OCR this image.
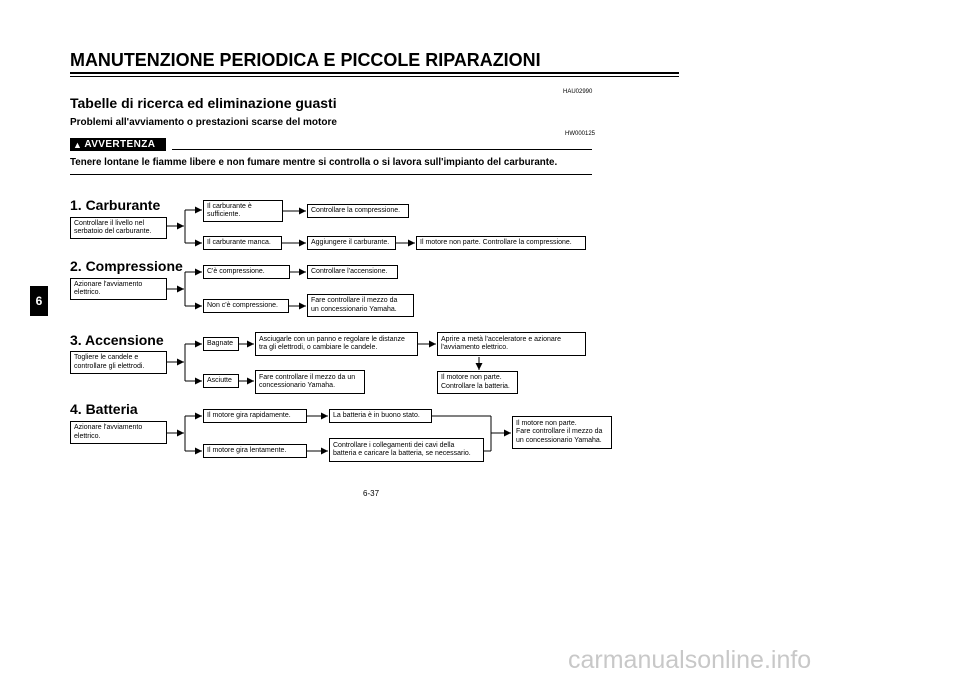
MANUTENZIONE PERIODICA E PICCOLE RIPARAZIONI
HAU02990
Tabelle di ricerca ed eliminazione guasti
Problemi all'avviamento o prestazioni scarse del motore
HW000125
▲ AVVERTENZA
Tenere lontane le fiamme libere e non fumare mentre si controlla o si lavora sull'impianto del carburante.
1. Carburante
Controllare il livello nel
serbatoio del carburante.
Il carburante è
sufficiente.
Controllare la compressione.
Il carburante manca.	Aggiungere il carburante.	Il motore non parte. Controllare la compressione.
2. Compressione
Azionare l'avviamento
elettrico.
C'è compressione.	Controllare l'accensione.
Non c'è compressione.
Fare controllare il mezzo da
un concessionario Yamaha.
3. Accensione
Togliere le candele e
controllare gli elettrodi.
Bagnate
Asciugarle con un panno e regolare le distanze
tra gli elettrodi, o cambiare le candele.
Aprire a metà l'acceleratore e azionare
l'avviamento elettrico.
Il motore non parte.
Controllare la batteria.
Asciutte	Fare controllare il mezzo da un
concessionario Yamaha.
4. Batteria
Azionare l'avviamento
elettrico.
Il motore gira rapidamente.	La batteria è in buono stato.
Il motore gira lentamente.
Controllare i collegamenti dei cavi della
batteria e caricare la batteria, se necessario.
Il motore non parte.
Fare controllare il mezzo da
un concessionario Yamaha.
6
6-37
carmanualsonline.info
